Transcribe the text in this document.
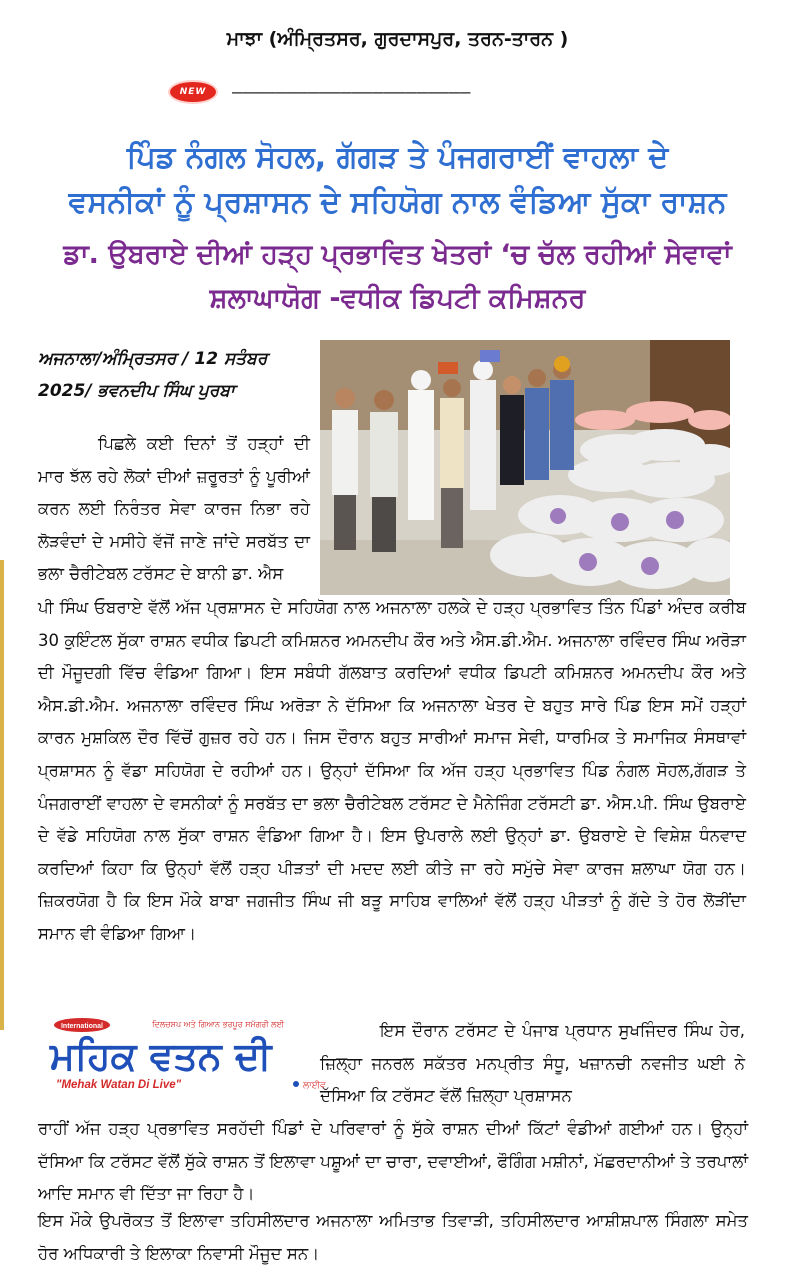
ਮਾਝਾ (ਅੰਮ੍ਰਿਤਸਰ, ਗੁਰਦਾਸਪੁਰ, ਤਰਨ-ਤਾਰਨ )
NEW	——————————————————————
ਪਿੰਡ ਨੰਗਲ ਸੋਹਲ, ਗੱਗੜ ਤੇ ਪੰਜਗਰਾਈਂ ਵਾਹਲਾ ਦੇ
ਵਸਨੀਕਾਂ ਨੂੰ ਪ੍ਰਸ਼ਾਸਨ ਦੇ ਸਹਿਯੋਗ ਨਾਲ ਵੰਡਿਆ ਸੁੱਕਾ ਰਾਸ਼ਨ
ਡਾ. ਉਬਰਾਏ ਦੀਆਂ ਹੜ੍ਹ ਪ੍ਰਭਾਵਿਤ ਖੇਤਰਾਂ ‘ਚ ਚੱਲ ਰਹੀਆਂ ਸੇਵਾਵਾਂ
ਸ਼ਲਾਘਾਯੋਗ -ਵਧੀਕ ਡਿਪਟੀ ਕਮਿਸ਼ਨਰ
ਅਜਨਾਲਾ/ਅੰਮ੍ਰਿਤਸਰ / 12 ਸਤੰਬਰ 2025/ ਭਵਨਦੀਪ ਸਿੰਘ ਪੁਰਬਾ
ਪਿਛਲੇ ਕਈ ਦਿਨਾਂ ਤੋਂ ਹੜ੍ਹਾਂ ਦੀ ਮਾਰ ਝੱਲ ਰਹੇ ਲੋਕਾਂ ਦੀਆਂ ਜ਼ਰੂਰਤਾਂ ਨੂੰ ਪੂਰੀਆਂ ਕਰਨ ਲਈ ਨਿਰੰਤਰ ਸੇਵਾ ਕਾਰਜ ਨਿਭਾ ਰਹੇ ਲੋੜਵੰਦਾਂ ਦੇ ਮਸੀਹੇ ਵੱਜੋਂ ਜਾਣੇ ਜਾਂਦੇ ਸਰਬੱਤ ਦਾ ਭਲਾ ਚੈਰੀਟੇਬਲ ਟਰੱਸਟ ਦੇ ਬਾਨੀ ਡਾ. ਐਸ
ਪੀ ਸਿੰਘ ਓਬਰਾਏ ਵੱਲੋਂ ਅੱਜ ਪ੍ਰਸ਼ਾਸਨ ਦੇ ਸਹਿਯੋਗ ਨਾਲ ਅਜਨਾਲਾ ਹਲਕੇ ਦੇ ਹੜ੍ਹ ਪ੍ਰਭਾਵਿਤ ਤਿੰਨ ਪਿੰਡਾਂ ਅੰਦਰ ਕਰੀਬ 30 ਕੁਇੰਟਲ ਸੁੱਕਾ ਰਾਸ਼ਨ ਵਧੀਕ ਡਿਪਟੀ ਕਮਿਸ਼ਨਰ ਅਮਨਦੀਪ ਕੌਰ ਅਤੇ ਐਸ.ਡੀ.ਐਮ. ਅਜਨਾਲਾ ਰਵਿੰਦਰ ਸਿੰਘ ਅਰੋੜਾ ਦੀ ਮੌਜੂਦਗੀ ਵਿੱਚ ਵੰਡਿਆ ਗਿਆ। ਇਸ ਸਬੰਧੀ ਗੱਲਬਾਤ ਕਰਦਿਆਂ ਵਧੀਕ ਡਿਪਟੀ ਕਮਿਸ਼ਨਰ ਅਮਨਦੀਪ ਕੌਰ ਅਤੇ ਐਸ.ਡੀ.ਐਮ. ਅਜਨਾਲਾ ਰਵਿੰਦਰ ਸਿੰਘ ਅਰੋੜਾ ਨੇ ਦੱਸਿਆ ਕਿ ਅਜਨਾਲਾ ਖੇਤਰ ਦੇ ਬਹੁਤ ਸਾਰੇ ਪਿੰਡ ਇਸ ਸਮੇਂ ਹੜ੍ਹਾਂ ਕਾਰਨ ਮੁਸ਼ਕਿਲ ਦੌਰ ਵਿੱਚੋਂ ਗੁਜ਼ਰ ਰਹੇ ਹਨ। ਜਿਸ ਦੌਰਾਨ ਬਹੁਤ ਸਾਰੀਆਂ ਸਮਾਜ ਸੇਵੀ, ਧਾਰਮਿਕ ਤੇ ਸਮਾਜਿਕ ਸੰਸਥਾਵਾਂ ਪ੍ਰਸ਼ਾਸਨ ਨੂੰ ਵੱਡਾ ਸਹਿਯੋਗ ਦੇ ਰਹੀਆਂ ਹਨ। ਉਨ੍ਹਾਂ ਦੱਸਿਆ ਕਿ ਅੱਜ ਹੜ੍ਹ ਪ੍ਰਭਾਵਿਤ ਪਿੰਡ ਨੰਗਲ ਸੋਹਲ,ਗੱਗੜ ਤੇ ਪੰਜਗਰਾਈਂ ਵਾਹਲਾ ਦੇ ਵਸਨੀਕਾਂ ਨੂੰ ਸਰਬੱਤ ਦਾ ਭਲਾ ਚੈਰੀਟੇਬਲ ਟਰੱਸਟ ਦੇ ਮੈਨੇਜਿੰਗ ਟਰੱਸਟੀ ਡਾ. ਐਸ.ਪੀ. ਸਿੰਘ ਉਬਰਾਏ ਦੇ ਵੱਡੇ ਸਹਿਯੋਗ ਨਾਲ ਸੁੱਕਾ ਰਾਸ਼ਨ ਵੰਡਿਆ ਗਿਆ ਹੈ। ਇਸ ਉਪਰਾਲੇ ਲਈ ਉਨ੍ਹਾਂ ਡਾ. ਉਬਰਾਏ ਦੇ ਵਿਸ਼ੇਸ਼ ਧੰਨਵਾਦ ਕਰਦਿਆਂ ਕਿਹਾ ਕਿ ਉਨ੍ਹਾਂ ਵੱਲੋਂ ਹੜ੍ਹ ਪੀੜਤਾਂ ਦੀ ਮਦਦ ਲਈ ਕੀਤੇ ਜਾ ਰਹੇ ਸਮੁੱਚੇ ਸੇਵਾ ਕਾਰਜ ਸ਼ਲਾਘਾ ਯੋਗ ਹਨ। ਜ਼ਿਕਰਯੋਗ ਹੈ ਕਿ ਇਸ ਮੌਕੇ ਬਾਬਾ ਜਗਜੀਤ ਸਿੰਘ ਜੀ ਬੜੂ ਸਾਹਿਬ ਵਾਲਿਆਂ ਵੱਲੋਂ ਹੜ੍ਹ ਪੀੜਤਾਂ ਨੂੰ ਗੱਦੇ ਤੇ ਹੋਰ ਲੋੜੀਂਦਾ ਸਮਾਨ ਵੀ ਵੰਡਿਆ ਗਿਆ।
International	ਦਿਲਚਸਪ ਅਤੇ ਗਿਆਨ ਭਰਪੂਰ ਸਮੱਗਰੀ ਲਈ
ਮਹਿਕ ਵਤਨ ਦੀ
"Mehak Watan Di Live"	ਲਾਈਵ
ਇਸ ਦੌਰਾਨ ਟਰੱਸਟ ਦੇ ਪੰਜਾਬ ਪ੍ਰਧਾਨ ਸੁਖਜਿੰਦਰ ਸਿੰਘ ਹੇਰ, ਜ਼ਿਲ੍ਹਾ ਜਨਰਲ ਸਕੱਤਰ ਮਨਪ੍ਰੀਤ ਸੰਧੂ, ਖਜ਼ਾਨਚੀ ਨਵਜੀਤ ਘਈ ਨੇ ਦੱਸਿਆ ਕਿ ਟਰੱਸਟ ਵੱਲੋਂ ਜ਼ਿਲ੍ਹਾ ਪ੍ਰਸ਼ਾਸਨ
ਰਾਹੀਂ ਅੱਜ ਹੜ੍ਹ ਪ੍ਰਭਾਵਿਤ ਸਰਹੱਦੀ ਪਿੰਡਾਂ ਦੇ ਪਰਿਵਾਰਾਂ ਨੂੰ ਸੁੱਕੇ ਰਾਸ਼ਨ ਦੀਆਂ ਕਿੱਟਾਂ ਵੰਡੀਆਂ ਗਈਆਂ ਹਨ। ਉਨ੍ਹਾਂ ਦੱਸਿਆ ਕਿ ਟਰੱਸਟ ਵੱਲੋਂ ਸੁੱਕੇ ਰਾਸ਼ਨ ਤੋਂ ਇਲਾਵਾ ਪਸ਼ੂਆਂ ਦਾ ਚਾਰਾ, ਦਵਾਈਆਂ, ਫੌਗਿੰਗ ਮਸ਼ੀਨਾਂ, ਮੱਛਰਦਾਨੀਆਂ ਤੇ ਤਰਪਾਲਾਂ ਆਦਿ ਸਮਾਨ ਵੀ ਦਿੱਤਾ ਜਾ ਰਿਹਾ ਹੈ।
ਇਸ ਮੌਕੇ ਉਪਰੋਕਤ ਤੋਂ ਇਲਾਵਾ ਤਹਿਸੀਲਦਾਰ ਅਜਨਾਲਾ ਅਮਿਤਾਭ ਤਿਵਾੜੀ, ਤਹਿਸੀਲਦਾਰ ਆਸ਼ੀਸ਼ਪਾਲ ਸਿੰਗਲਾ ਸਮੇਤ ਹੋਰ ਅਧਿਕਾਰੀ ਤੇ ਇਲਾਕਾ ਨਿਵਾਸੀ ਮੌਜੂਦ ਸਨ।
